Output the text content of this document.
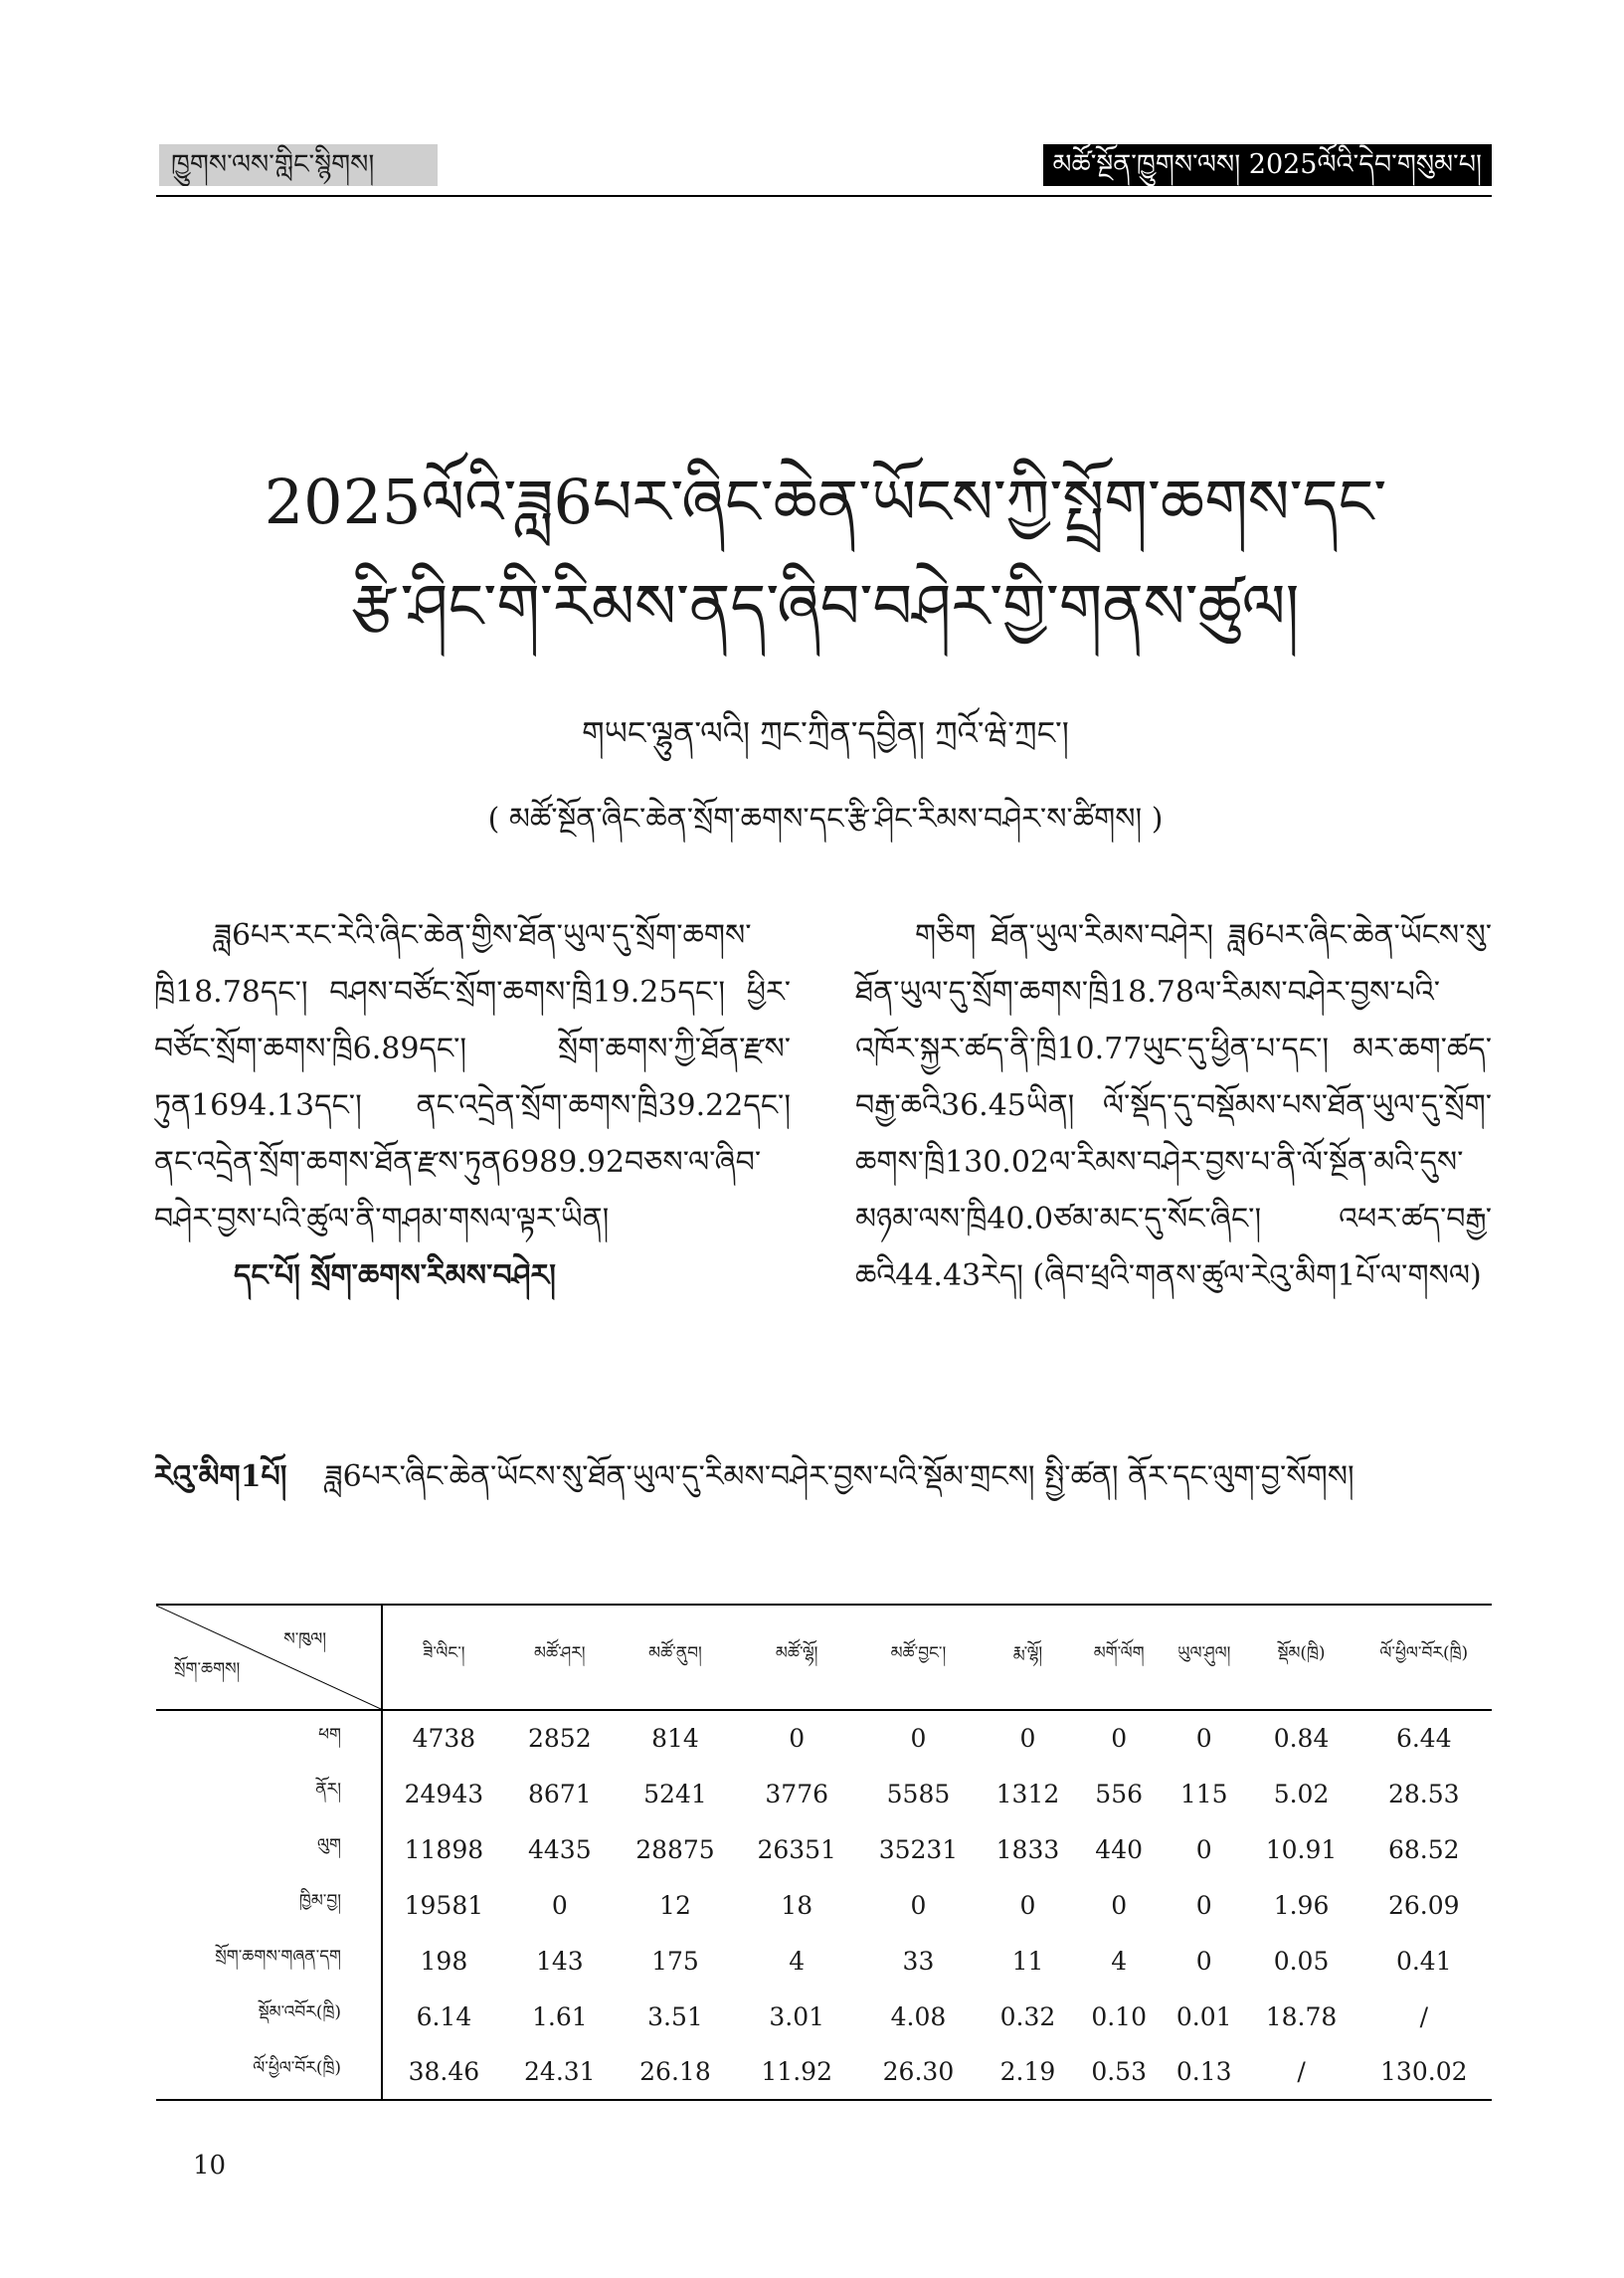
ཁྱུགས་ལས་གླིང་སྙིགས།	མཚོ་སྔོན་ཁྱུགས་ལས། 2025ལོའི་དེབ་གསུམ་པ།
2025ལོའི་ཟླ6པར་ཞིང་ཆེན་ཡོངས་ཀྱི་སྤྲོག་ཆགས་དང་
རྩི་ཤིང་གི་རིམས་ནད་ཞིབ་བཤེར་གྱི་གནས་ཚུལ།
གཡང་ལྷུན་ལའི། ཀྲང་ཀྲིན་དབྱིན། ཀྲའོ་ཝེ་ཀྲང་།
( མཚོ་སྔོན་ཞིང་ཆེན་སྲོག་ཆགས་དང་རྩི་ཤིང་རིམས་བཤེར་ས་ཚིགས། )

ཟླ6པར་རང་རེའི་ཞིང་ཆེན་གྱིས་ཐོན་ཡུལ་དུ་སྲོག་ཆགས་ཁྲི18.78དང་། བཤས་བཙོང་སྲོག་ཆགས་ཁྲི19.25དང་། ཕྱིར་བཙོང་སྲོག་ཆགས་ཁྲི6.89དང་། སྲོག་ཆགས་ཀྱི་ཐོན་རྫས་ཏུན1694.13དང་། ནང་འདྲེན་སྲོག་ཆགས་ཁྲི39.22དང་། ནང་འདྲེན་སྲོག་ཆགས་ཐོན་རྫས་ཏུན6989.92བཅས་ལ་ཞིབ་བཤེར་བྱས་པའི་ཚུལ་ནི་གཤམ་གསལ་ལྟར་ཡིན།

དང་པོ། སྲོག་ཆགས་རིམས་བཤེར།

གཅིག ཐོན་ཡུལ་རིམས་བཤེར། ཟླ6པར་ཞིང་ཆེན་ཡོངས་སུ་ཐོན་ཡུལ་དུ་སྲོག་ཆགས་ཁྲི18.78ལ་རིམས་བཤེར་བྱས་པའི་འཁོར་སྐྱར་ཚད་ནི་ཁྲི10.77ཡུང་དུ་ཕྱིན་པ་དང་། མར་ཆག་ཚད་བརྒྱ་ཆའི36.45ཡིན། ལོ་སྡོད་དུ་བསྡོམས་པས་ཐོན་ཡུལ་དུ་སྲོག་ཆགས་ཁྲི130.02ལ་རིམས་བཤེར་བྱས་པ་ནི་ལོ་སྔོན་མའི་དུས་མཉམ་ལས་ཁྲི40.0ཙམ་མང་དུ་སོང་ཞིང་། འཕར་ཚད་བརྒྱ་ཆའི44.43རེད། (ཞིབ་ཕྲའི་གནས་ཚུལ་རེའུ་མིག1པོ་ལ་གསལ)

རེའུ་མིག1པོ། ཟླ6པར་ཞིང་ཆེན་ཡོངས་སུ་ཐོན་ཡུལ་དུ་རིམས་བཤེར་བྱས་པའི་སྡོམ་གྲངས། སྤྱི་ཚན། ནོར་དང་ལུག་བྱ་སོགས།
ས་ཁུལ།
སྲོག་ཆགས།	ཟི་ལིང་།	མཚོ་ཤར།	མཚོ་ནུབ།	མཚོ་ལྷོ།	མཚོ་བྱང་།	རྨ་ལྷོ།	མགོ་ལོག	ཡུལ་ཤུལ།	སྡོམ(ཁྲི)	ལོ་ཕྱིལ་བོར(ཁྲི)
ཕག	4738	2852	814	0	0	0	0	0	0.84	6.44
ནོར།	24943	8671	5241	3776	5585	1312	556	115	5.02	28.53
ལུག	11898	4435	28875	26351	35231	1833	440	0	10.91	68.52
ཁྱིམ་བྱ།	19581	0	12	18	0	0	0	0	1.96	26.09
སྲོག་ཆགས་གཞན་དག	198	143	175	4	33	11	4	0	0.05	0.41
སྡོམ་འབོར(ཁྲི)	6.14	1.61	3.51	3.01	4.08	0.32	0.10	0.01	18.78	/
ལོ་ཕྱིལ་བོར(ཁྲི)	38.46	24.31	26.18	11.92	26.30	2.19	0.53	0.13	/	130.02
10
